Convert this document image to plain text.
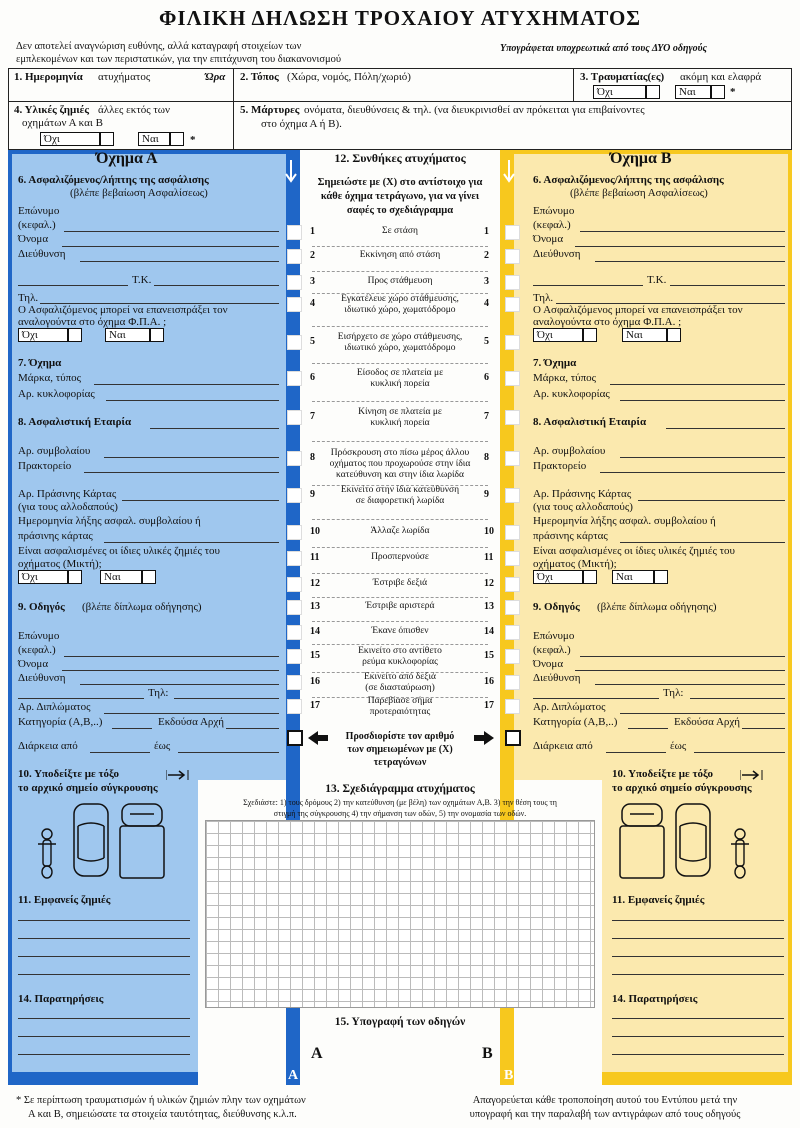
ΦΙΛΙΚΗ ΔΗΛΩΣΗ ΤΡΟΧΑΙΟΥ ΑΤΥΧΗΜΑΤΟΣ
Δεν αποτελεί αναγνώριση ευθύνης, αλλά καταγραφή στοιχείων των
εμπλεκομένων και των περιστατικών, για την επιτάχυνση του διακανονισμού
Υπογράφεται υποχρεωτικά από τους ΔΥΟ οδηγούς
1. Ημερομηνία ατυχήματος	Ώρα 2. Τόπος (Χώρα, νομός, Πόλη/χωριό)	3. Τραυματίας(ες) ακόμη και ελαφρά
Όχι	Ναι	*
4. Υλικές ζημιές άλλες εκτός των
οχημάτων Α και Β
Όχι	Ναι	*
5. Μάρτυρες ονόματα, διευθύνσεις & τηλ. (να διευκρινισθεί αν πρόκειται για επιβαίνοντες
στο όχημα Α ή Β).
Όχημα Α
6. Ασφαλιζόμενος/λήπτης της ασφάλισης
(βλέπε βεβαίωση Ασφαλίσεως)
Επώνυμο
(κεφαλ.)
Όνομα
Διεύθυνση
Τ.Κ.
Τηλ.
Ο Ασφαλιζόμενος μπορεί να επανεισπράξει τον
αναλογούντα στο όχημα Φ.Π.Α. ;
Όχι	Ναι
7. Όχημα
Μάρκα, τύπος
Αρ. κυκλοφορίας
8. Ασφαλιστική Εταιρία
Αρ. συμβολαίου
Πρακτορείο
Αρ. Πράσινης Κάρτας
(για τους αλλοδαπούς)
Ημερομηνία λήξης ασφαλ. συμβολαίου ή
πράσινης κάρτας
Είναι ασφαλισμένες οι ίδιες υλικές ζημιές του
οχήματος (Μικτή);
Όχι	Ναι
9. Οδηγός (βλέπε δίπλωμα οδήγησης)
Επώνυμο
(κεφαλ.)
Όνομα
Διεύθυνση
Τηλ:
Αρ. Διπλώματος
Κατηγορία (Α,Β,..)	Εκδούσα Αρχή
Διάρκεια από	έως
10. Υποδείξτε με τόξο
το αρχικό σημείο σύγκρουσης
11. Εμφανείς ζημιές
14. Παρατηρήσεις
A
Όχημα Β
6. Ασφαλιζόμενος/λήπτης της ασφάλισης
(βλέπε βεβαίωση Ασφαλίσεως)
Επώνυμο
(κεφαλ.)
Όνομα
Διεύθυνση
Τ.Κ.
Τηλ.
Ο Ασφαλιζόμενος μπορεί να επανεισπράξει τον
αναλογούντα στο όχημα Φ.Π.Α. ;
Όχι	Ναι
7. Όχημα
Μάρκα, τύπος
Αρ. κυκλοφορίας
8. Ασφαλιστική Εταιρία
Αρ. συμβολαίου
Πρακτορείο
Αρ. Πράσινης Κάρτας
(για τους αλλοδαπούς)
Ημερομηνία λήξης ασφαλ. συμβολαίου ή
πράσινης κάρτας
Είναι ασφαλισμένες οι ίδιες υλικές ζημιές του
οχήματος (Μικτή);
Όχι	Ναι
9. Οδηγός (βλέπε δίπλωμα οδήγησης)
Επώνυμο
(κεφαλ.)
Όνομα
Διεύθυνση
Τηλ:
Αρ. Διπλώματος
Κατηγορία (Α,Β,..)	Εκδούσα Αρχή
Διάρκεια από	έως
10. Υποδείξτε με τόξο
το αρχικό σημείο σύγκρουσης
11. Εμφανείς ζημιές
14. Παρατηρήσεις
B
12. Συνθήκες ατυχήματος
Σημειώστε με (Χ) στο αντίστοιχο για
κάθε όχημα τετράγωνο, για να γίνει
σαφές το σχεδιάγραμμα
1	1
Σε στάση
2	2
Εκκίνηση από στάση
3	3
Προς στάθμευση
4	4
Εγκατέλευε χώρο στάθμευσης,
ιδιωτικό χώρο, χωματόδρομο
5	5
Εισήρχετο σε χώρο στάθμευσης,
ιδιωτικό χώρο, χωματόδρομο
6	6
Είσοδος σε πλατεία με
κυκλική πορεία
7	7
Κίνηση σε πλατεία με
κυκλική πορεία
8	8
Πρόσκρουση στο πίσω μέρος άλλου
οχήματος που προχωρούσε στην ίδια
κατεύθυνση και στην ίδια λωρίδα
9	9
Εκινείτο στην ίδια κατεύθυνση
σε διαφορετική λωρίδα
10	10
Άλλαζε λωρίδα
11	11
Προσπερνούσε
12	12
Έστριβε δεξιά
13	13
Έστριβε αριστερά
14	14
Έκανε όπισθεν
15	15
Εκινείτο στο αντίθετο
ρεύμα κυκλοφορίας
16	16
Εκινείτο από δεξιά
(σε διασταύρωση)
17	17
Παρεβίασε σήμα
προτεραιότητας
Προσδιορίστε τον αριθμό
των σημειωμένων με (Χ)
τετραγώνων
13. Σχεδιάγραμμα ατυχήματος
Σχεδιάστε: 1) τους δρόμους 2) την κατεύθυνση (με βέλη) των οχημάτων Α,Β. 3) την θέση τους τη
στιγμή της σύγκρουσης 4) την σήμανση των οδών, 5) την ονομασία των οδών.
15. Υπογραφή των οδηγών
A	B
* Σε περίπτωση τραυματισμών ή υλικών ζημιών πλην των οχημάτων
Α και Β, σημειώσατε τα στοιχεία ταυτότητας, διεύθυνσης κ.λ.π.
Απαγορεύεται κάθε τροποποίηση αυτού του Εντύπου μετά την
υπογραφή και την παραλαβή των αντιγράφων από τους οδηγούς
